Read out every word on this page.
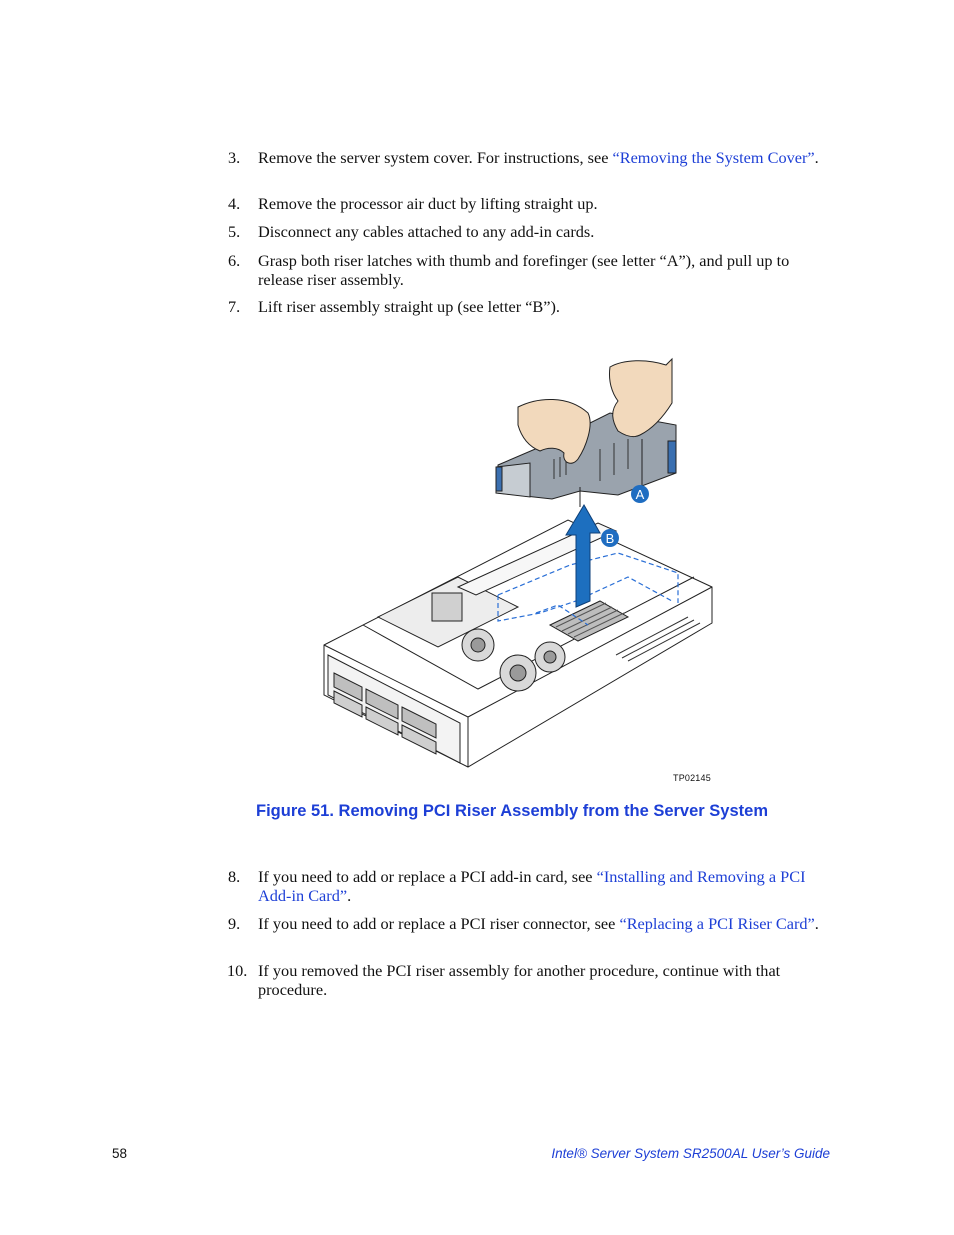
3.	Remove the server system cover. For instructions, see “Removing the System Cover”.
4.	Remove the processor air duct by lifting straight up.
5.	Disconnect any cables attached to any add-in cards.
6.	Grasp both riser latches with thumb and forefinger (see letter “A”), and pull up to release riser assembly.
7.	Lift riser assembly straight up (see letter “B”).
A
B
TP02145
Figure 51. Removing PCI Riser Assembly from the Server System
8.	If you need to add or replace a PCI add-in card, see “Installing and Removing a PCI Add-in Card”.
9.	If you need to add or replace a PCI riser connector, see “Replacing a PCI Riser Card”.
10. If you removed the PCI riser assembly for another procedure, continue with that procedure.
58	Intel® Server System SR2500AL User’s Guide
